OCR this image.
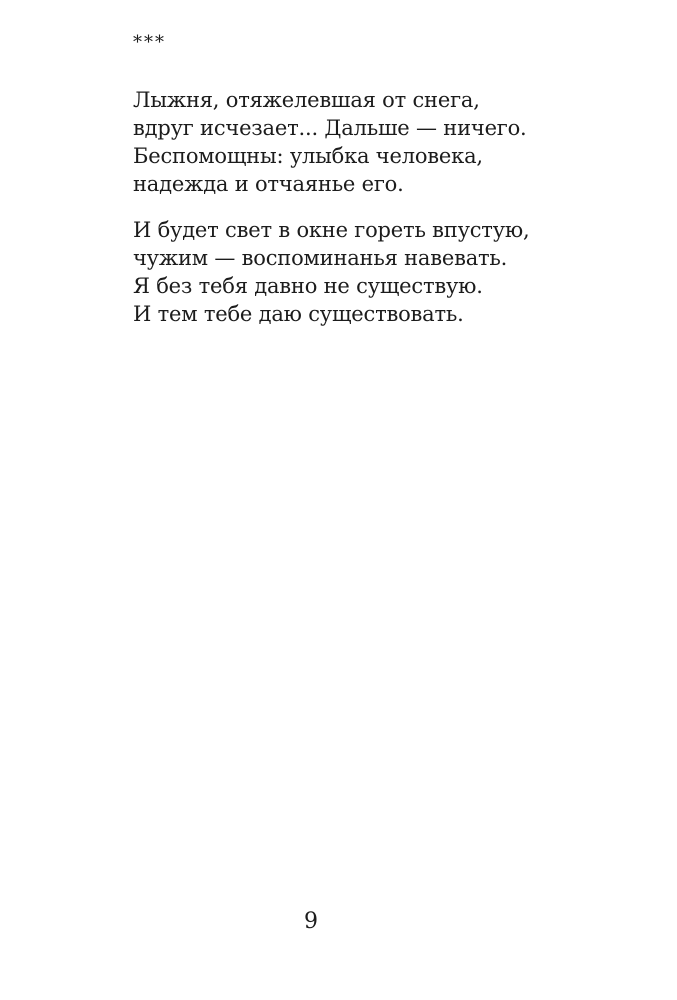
***
Лыжня, отяжелевшая от снега,
вдруг исчезает... Дальше — ничего.
Беспомощны: улыбка человека,
надежда и отчаянье его.
И будет свет в окне гореть впустую,
чужим — воспоминанья навевать.
Я без тебя давно не существую.
И тем тебе даю существовать.
9
